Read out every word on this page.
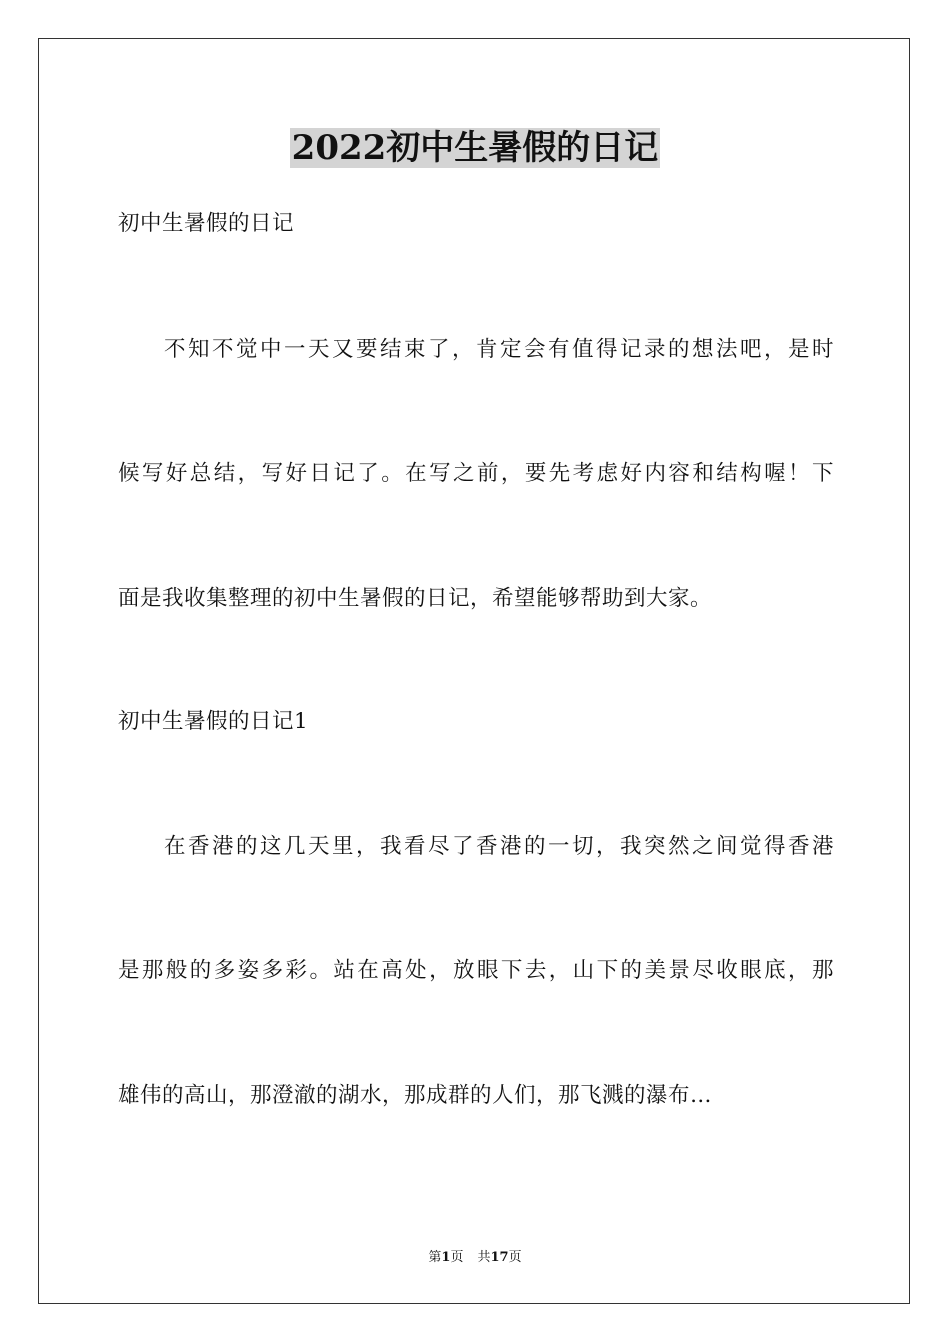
2022初中生暑假的日记
初中生暑假的日记
不知不觉中一天又要结束了，肯定会有值得记录的想法吧，是时
候写好总结，写好日记了。在写之前，要先考虑好内容和结构喔！下
面是我收集整理的初中生暑假的日记，希望能够帮助到大家。
初中生暑假的日记1
在香港的这几天里，我看尽了香港的一切，我突然之间觉得香港
是那般的多姿多彩。站在高处，放眼下去，山下的美景尽收眼底，那
雄伟的高山，那澄澈的湖水，那成群的人们，那飞溅的瀑布…
第1页 共17页
